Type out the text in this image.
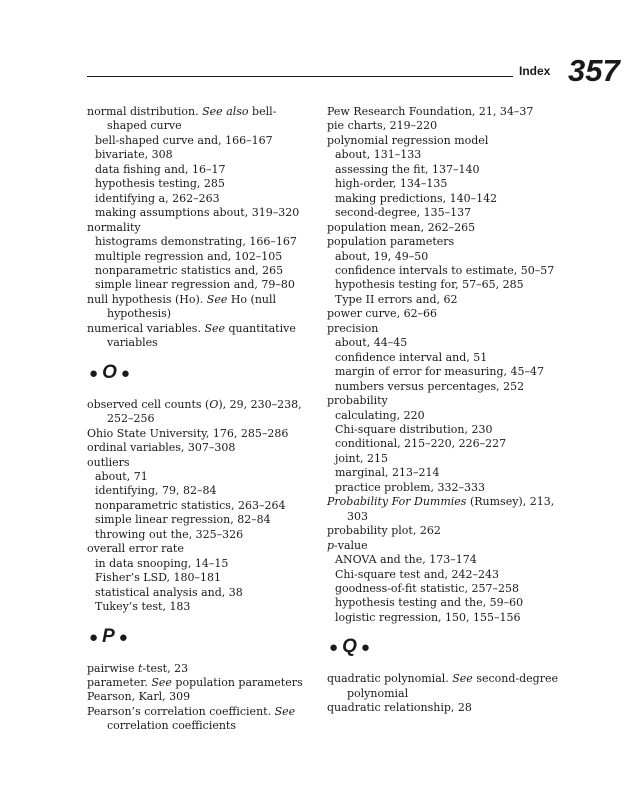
Index 357
normal distribution. See also bell-shaped curve
bell-shaped curve and, 166–167
bivariate, 308
data fishing and, 16–17
hypothesis testing, 285
identifying a, 262–263
making assumptions about, 319–320
normality
histograms demonstrating, 166–167
multiple regression and, 102–105
nonparametric statistics and, 265
simple linear regression and, 79–80
null hypothesis (Ho). See Ho (null hypothesis)
numerical variables. See quantitative variables
● O ●
observed cell counts (O), 29, 230–238, 252–256
Ohio State University, 176, 285–286
ordinal variables, 307–308
outliers
about, 71
identifying, 79, 82–84
nonparametric statistics, 263–264
simple linear regression, 82–84
throwing out the, 325–326
overall error rate
in data snooping, 14–15
Fisher’s LSD, 180–181
statistical analysis and, 38
Tukey’s test, 183
● P ●
pairwise t-test, 23
parameter. See population parameters
Pearson, Karl, 309
Pearson’s correlation coefficient. See correlation coefficients
Pew Research Foundation, 21, 34–37
pie charts, 219–220
polynomial regression model
about, 131–133
assessing the fit, 137–140
high-order, 134–135
making predictions, 140–142
second-degree, 135–137
population mean, 262–265
population parameters
about, 19, 49–50
confidence intervals to estimate, 50–57
hypothesis testing for, 57–65, 285
Type II errors and, 62
power curve, 62–66
precision
about, 44–45
confidence interval and, 51
margin of error for measuring, 45–47
numbers versus percentages, 252
probability
calculating, 220
Chi-square distribution, 230
conditional, 215–220, 226–227
joint, 215
marginal, 213–214
practice problem, 332–333
Probability For Dummies (Rumsey), 213, 303
probability plot, 262
p-value
ANOVA and the, 173–174
Chi-square test and, 242–243
goodness-of-fit statistic, 257–258
hypothesis testing and the, 59–60
logistic regression, 150, 155–156
● Q ●
quadratic polynomial. See second-degree polynomial
quadratic relationship, 28
